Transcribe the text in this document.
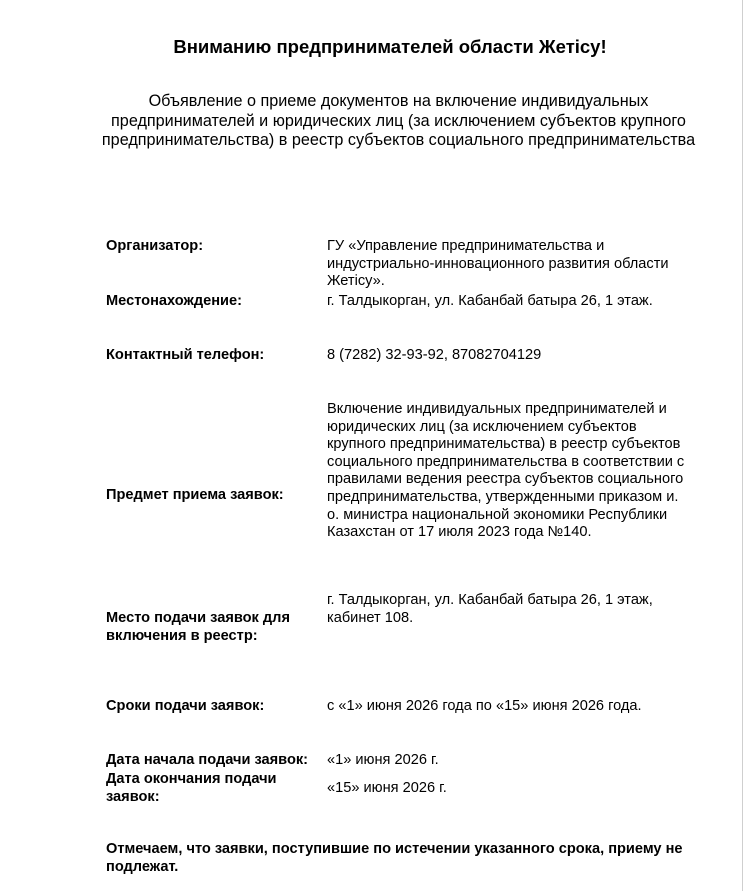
Вниманию предпринимателей области Жетісу!
Объявление о приеме документов на включение индивидуальных предпринимателей и юридических лиц (за исключением субъектов крупного предпринимательства) в реестр субъектов социального предпринимательства
Организатор:	ГУ «Управление предпринимательства и индустриально-инновационного развития области Жетісу».
Местонахождение:	г. Талдыкорган, ул. Кабанбай батыра 26, 1 этаж.
Контактный телефон:	8 (7282) 32-93-92, 87082704129
Предмет приема заявок:
Включение индивидуальных предпринимателей и юридических лиц (за исключением субъектов крупного предпринимательства) в реестр субъектов социального предпринимательства в соответствии с правилами ведения реестра субъектов социального предпринимательства, утвержденными приказом и. о. министра национальной экономики Республики Казахстан от 17 июля 2023 года №140.
Место подачи заявок для включения в реестр:
г. Талдыкорган, ул. Кабанбай батыра 26, 1 этаж, кабинет 108.
Сроки подачи заявок:	с «1» июня 2026 года по «15» июня 2026 года.
Дата начала подачи заявок:	«1» июня 2026 г.
Дата окончания подачи заявок:
«15» июня 2026 г.
Отмечаем, что заявки, поступившие по истечении указанного срока, приему не подлежат.
